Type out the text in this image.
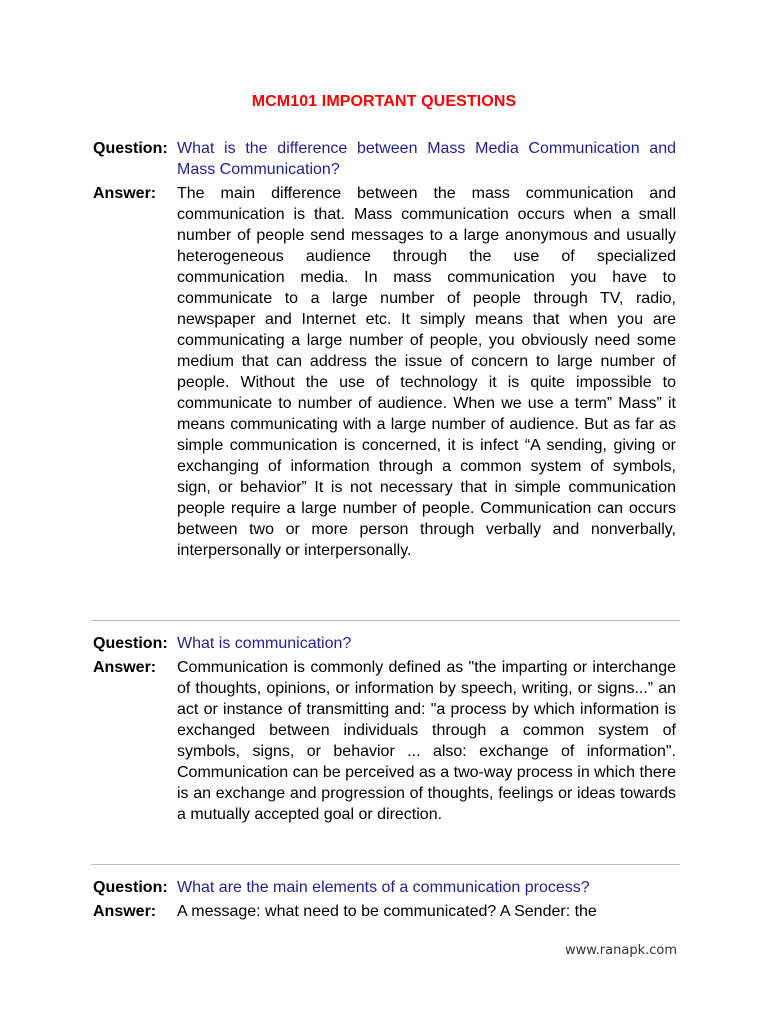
MCM101 IMPORTANT QUESTIONS
Question: What is the difference between Mass Media Communication and Mass Communication?
Answer:	The main difference between the mass communication and communication is that. Mass communication occurs when a small number of people send messages to a large anonymous and usually heterogeneous audience through the use of specialized communication media. In mass communication you have to communicate to a large number of people through TV, radio, newspaper and Internet etc. It simply means that when you are communicating a large number of people, you obviously need some medium that can address the issue of concern to large number of people. Without the use of technology it is quite impossible to communicate to number of audience. When we use a term” Mass” it means communicating with a large number of audience. But as far as simple communication is concerned, it is infect “A sending, giving or exchanging of information through a common system of symbols, sign, or behavior” It is not necessary that in simple communication people require a large number of people. Communication can occurs between two or more person through verbally and nonverbally, interpersonally or interpersonally.
Question: What is communication?
Answer:	Communication is commonly defined as "the imparting or interchange of thoughts, opinions, or information by speech, writing, or signs...” an act or instance of transmitting and: "a process by which information is exchanged between individuals through a common system of symbols, signs, or behavior ... also: exchange of information". Communication can be perceived as a two-way process in which there is an exchange and progression of thoughts, feelings or ideas towards a mutually accepted goal or direction.
Question: What are the main elements of a communication process?
Answer:	A message: what need to be communicated? A Sender: the
www.ranapk.com
